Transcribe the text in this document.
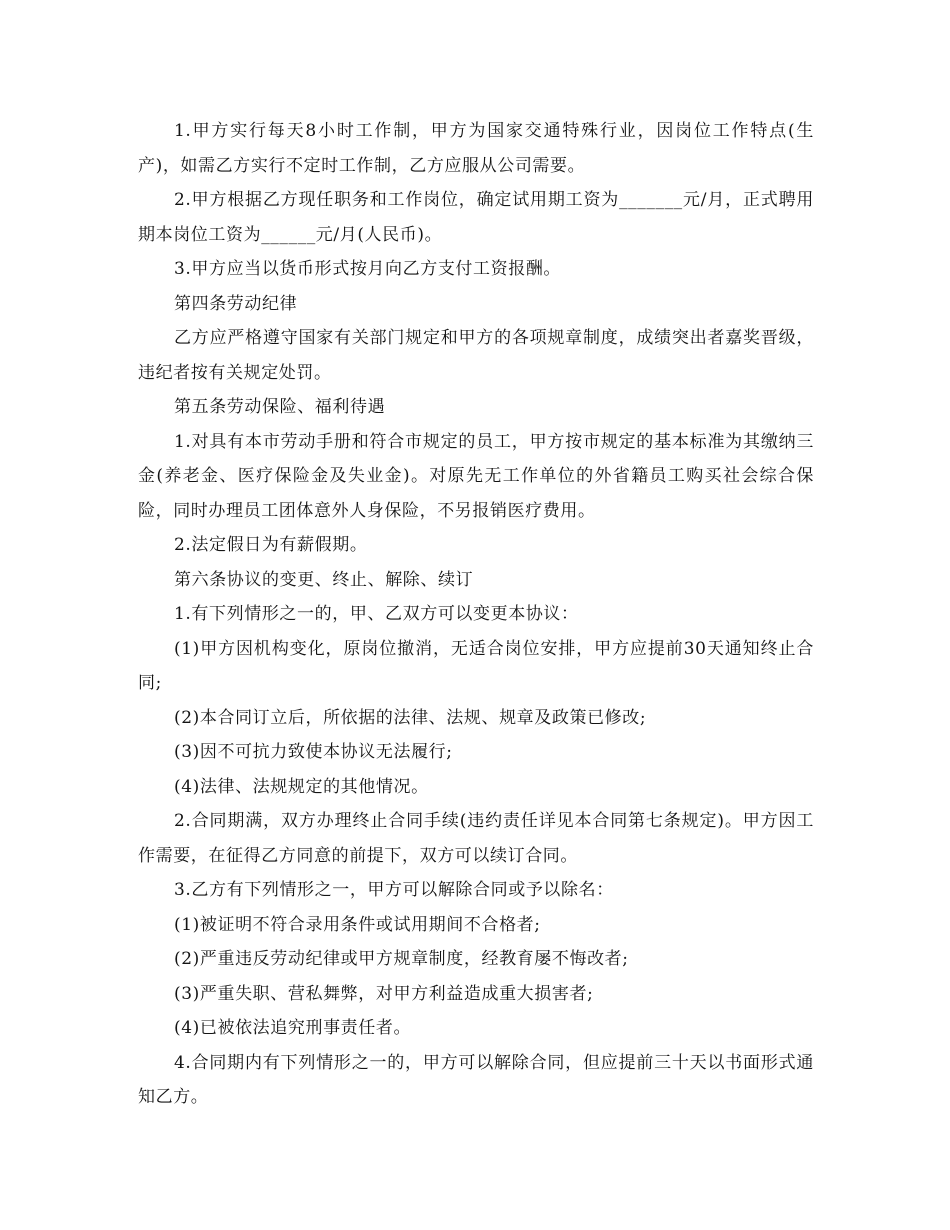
1.甲方实行每天8小时工作制，甲方为国家交通特殊行业，因岗位工作特点(生产)，如需乙方实行不定时工作制，乙方应服从公司需要。

2.甲方根据乙方现任职务和工作岗位，确定试用期工资为_______元/月，正式聘用期本岗位工资为______元/月(人民币)。

3.甲方应当以货币形式按月向乙方支付工资报酬。

第四条劳动纪律

乙方应严格遵守国家有关部门规定和甲方的各项规章制度，成绩突出者嘉奖晋级，违纪者按有关规定处罚。

第五条劳动保险、福利待遇

1.对具有本市劳动手册和符合市规定的员工，甲方按市规定的基本标准为其缴纳三金(养老金、医疗保险金及失业金)。对原先无工作单位的外省籍员工购买社会综合保险，同时办理员工团体意外人身保险，不另报销医疗费用。

2.法定假日为有薪假期。

第六条协议的变更、终止、解除、续订

1.有下列情形之一的，甲、乙双方可以变更本协议：

(1)甲方因机构变化，原岗位撤消，无适合岗位安排，甲方应提前30天通知终止合同;

(2)本合同订立后，所依据的法律、法规、规章及政策已修改;

(3)因不可抗力致使本协议无法履行;

(4)法律、法规规定的其他情况。

2.合同期满，双方办理终止合同手续(违约责任详见本合同第七条规定)。甲方因工作需要，在征得乙方同意的前提下，双方可以续订合同。

3.乙方有下列情形之一，甲方可以解除合同或予以除名：

(1)被证明不符合录用条件或试用期间不合格者;

(2)严重违反劳动纪律或甲方规章制度，经教育屡不悔改者;

(3)严重失职、营私舞弊，对甲方利益造成重大损害者;

(4)已被依法追究刑事责任者。

4.合同期内有下列情形之一的，甲方可以解除合同，但应提前三十天以书面形式通知乙方。
